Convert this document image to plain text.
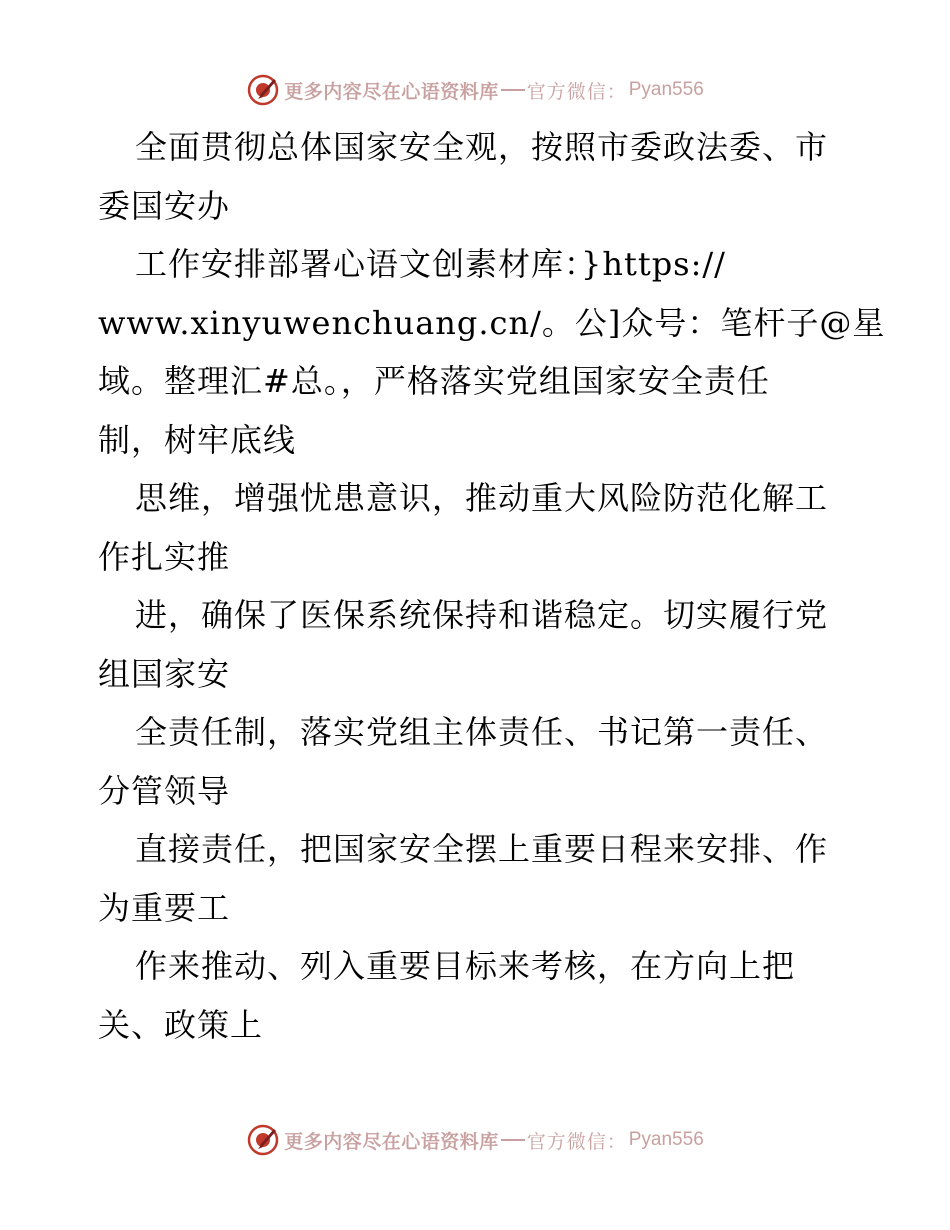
更多内容尽在心语资料库 官方微信： Pyan556
全面贯彻总体国家安全观，按照市委政法委、市
委国安办
工作安排部署心语文创素材库：}https://
www.xinyuwenchuang.cn/。公]众号：笔杆子@星
域。整理汇#总。，严格落实党组国家安全责任
制，树牢底线
思维，增强忧患意识，推动重大风险防范化解工
作扎实推
进，确保了医保系统保持和谐稳定。切实履行党
组国家安
全责任制，落实党组主体责任、书记第一责任、
分管领导
直接责任，把国家安全摆上重要日程来安排、作
为重要工
作来推动、列入重要目标来考核，在方向上把
关、政策上
更多内容尽在心语资料库 官方微信： Pyan556
